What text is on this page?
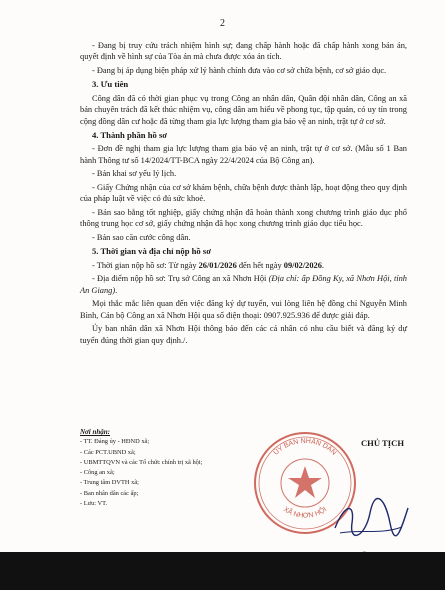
2

- Đang bị truy cứu trách nhiệm hình sự; đang chấp hành hoặc đã chấp hành xong bản án, quyết định về hình sự của Tòa án mà chưa được xóa án tích.

- Đang bị áp dụng biện pháp xử lý hành chính đưa vào cơ sở chữa bệnh, cơ sở giáo dục.

3. Ưu tiên

Công dân đã có thời gian phục vụ trong Công an nhân dân, Quân đội nhân dân, Công an xã bán chuyên trách đã kết thúc nhiệm vụ, công dân am hiểu về phong tục, tập quán, có uy tín trong cộng đồng dân cư hoặc đã từng tham gia lực lượng tham gia bảo vệ an ninh, trật tự ở cơ sở.

4. Thành phần hồ sơ

- Đơn đề nghị tham gia lực lượng tham gia bảo vệ an ninh, trật tự ở cơ sở. (Mẫu số 1 Ban hành Thông tư số 14/2024/TT-BCA ngày 22/4/2024 của Bộ Công an).

- Bản khai sơ yếu lý lịch.

- Giấy Chứng nhận của cơ sở khám bệnh, chữa bệnh được thành lập, hoạt động theo quy định của pháp luật về việc có đủ sức khoẻ.

- Bản sao bằng tốt nghiệp, giấy chứng nhận đã hoàn thành xong chương trình giáo dục phổ thông trung học cơ sở, giấy chứng nhận đã học xong chương trình giáo dục tiểu học.

- Bản sao căn cước công dân.

5. Thời gian và địa chỉ nộp hồ sơ

- Thời gian nộp hồ sơ: Từ ngày 26/01/2026 đến hết ngày 09/02/2026.

- Địa điểm nộp hồ sơ: Trụ sở Công an xã Nhơn Hội (Địa chỉ: ấp Đồng Ky, xã Nhơn Hội, tỉnh An Giang).

Mọi thắc mắc liên quan đến việc đăng ký dự tuyển, vui lòng liên hệ đồng chí Nguyễn Minh Bình, Cán bộ Công an xã Nhơn Hội qua số điện thoại: 0907.925.936 để được giải đáp.

Ủy ban nhân dân xã Nhơn Hội thông báo đến các cá nhân có nhu cầu biết và đăng ký dự tuyển đúng thời gian quy định./.

Nơi nhận:
- TT. Đảng ủy - HĐND xã;
- Các PCT.UBND xã;
- UBMTTQVN và các Tổ chức chính trị xã hội;
- Công an xã;
- Trung tâm DVTH xã;
- Ban nhân dân các ấp;
- Lưu: VT.
CHỦ TỊCH
ỦY BAN NHÂN DÂN
XÃ NHƠN HỘI
